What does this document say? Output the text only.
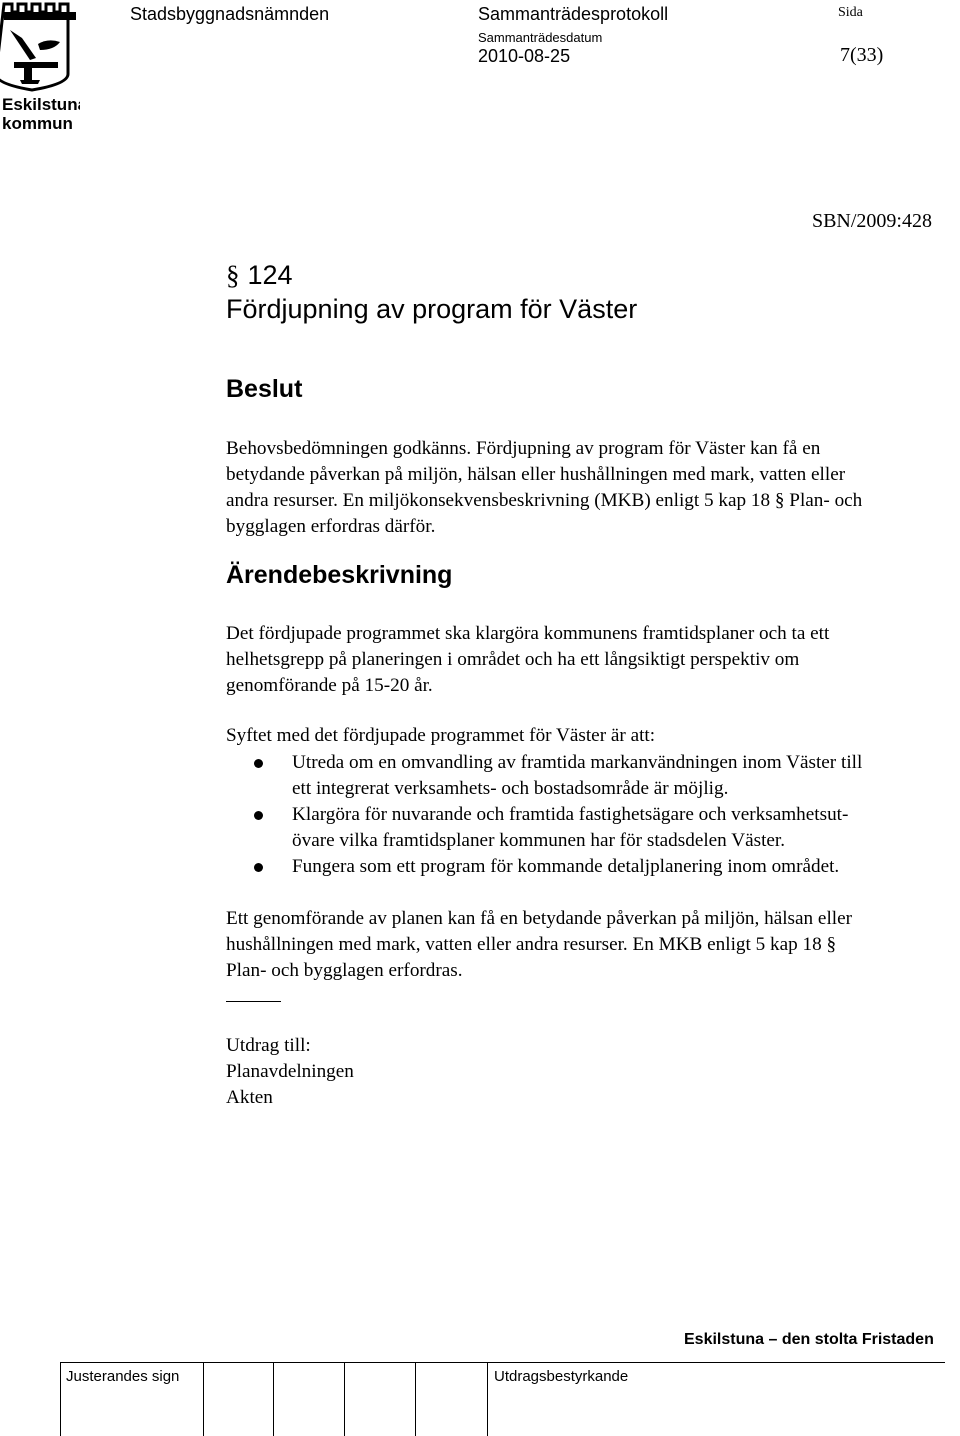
Eskilstuna
kommun
Stadsbyggnadsnämnden	Sammanträdesprotokoll
Sammanträdesdatum
2010-08-25
Sida
7(33)
SBN/2009:428
§ 124
Fördjupning av program för Väster
Beslut

Behovsbedömningen godkänns. Fördjupning av program för Väster kan få en

betydande påverkan på miljön, hälsan eller hushållningen med mark, vatten eller

andra resurser. En miljökonsekvensbeskrivning (MKB) enligt 5 kap 18 § Plan- och

bygglagen erfordras därför.

Ärendebeskrivning

Det fördjupade programmet ska klargöra kommunens framtidsplaner och ta ett

helhetsgrepp på planeringen i området och ha ett långsiktigt perspektiv om

genomförande på 15-20 år.

Syftet med det fördjupade programmet för Väster är att:

Utreda om en omvandling av framtida markanvändningen inom Väster till

ett integrerat verksamhets- och bostadsområde är möjlig.

Klargöra för nuvarande och framtida fastighetsägare och verksamhetsut-

övare vilka framtidsplaner kommunen har för stadsdelen Väster.

Fungera som ett program för kommande detaljplanering inom området.

Ett genomförande av planen kan få en betydande påverkan på miljön, hälsan eller

hushållningen med mark, vatten eller andra resurser. En MKB enligt 5 kap 18 §

Plan- och bygglagen erfordras.

Utdrag till:
Planavdelningen
Akten
Eskilstuna – den stolta Fristaden
Justerandes sign	Utdragsbestyrkande
